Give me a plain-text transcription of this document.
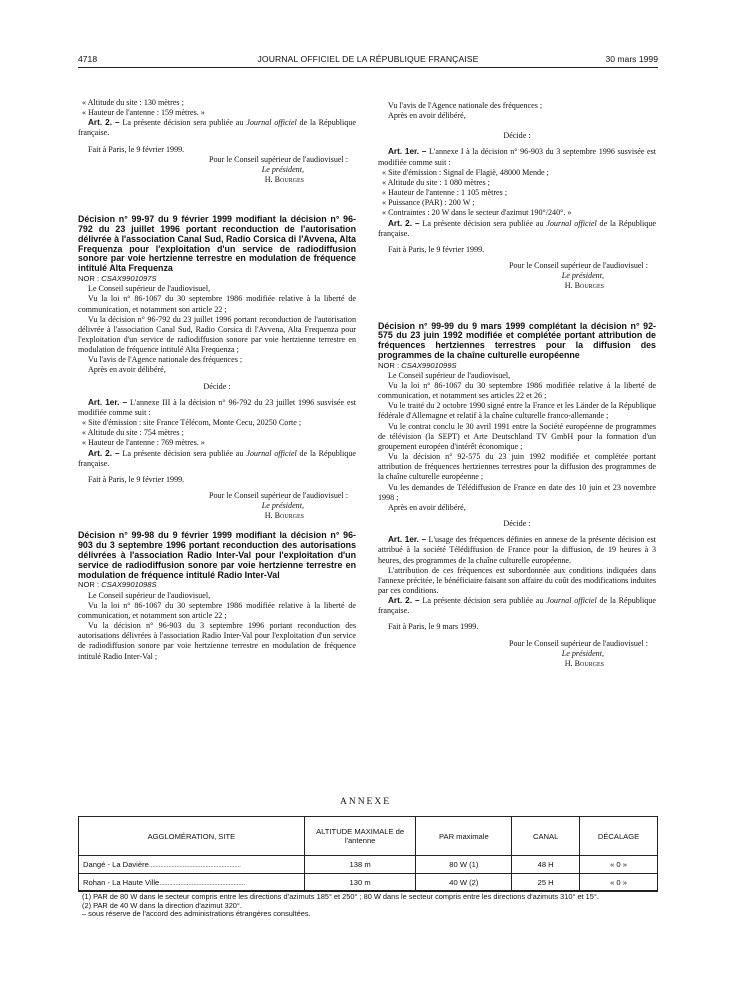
4718	JOURNAL OFFICIEL DE LA RÉPUBLIQUE FRANÇAISE	30 mars 1999

« Altitude du site : 130 mètres ;

« Hauteur de l'antenne : 159 mètres. »

Art. 2. – La présente décision sera publiée au Journal officiel de la République française.

Fait à Paris, le 9 février 1999.

Pour le Conseil supérieur de l'audiovisuel :

Le président,

H. Bourges

Décision n° 99-97 du 9 février 1999 modifiant la décision n° 96-792 du 23 juillet 1996 portant reconduction de l'autorisation délivrée à l'association Canal Sud, Radio Corsica di l'Avvena, Alta Frequenza pour l'exploitation d'un service de radiodiffusion sonore par voie hertzienne terrestre en modulation de fréquence intitulé Alta Frequenza

NOR : CSAX9901097S

Le Conseil supérieur de l'audiovisuel,

Vu la loi n° 86-1067 du 30 septembre 1986 modifiée relative à la liberté de communication, et notamment son article 22 ;

Vu la décision n° 96-792 du 23 juillet 1996 portant reconduction de l'autorisation délivrée à l'association Canal Sud, Radio Corsica di l'Avvena, Alta Frequenza pour l'exploitation d'un service de radiodiffusion sonore par voie hertzienne terrestre en modulation de fréquence intitulé Alta Frequenza ;

Vu l'avis de l'Agence nationale des fréquences ;

Après en avoir délibéré,

Décide :

Art. 1er. – L'annexe III à la décision n° 96-792 du 23 juillet 1996 susvisée est modifiée comme suit :

« Site d'émission : site France Télécom, Monte Cecu, 20250 Corte ;

« Altitude du site : 754 mètres ;

« Hauteur de l'antenne : 769 mètres. »

Art. 2. – La présente décision sera publiée au Journal officiel de la République française.

Fait à Paris, le 9 février 1999.

Pour le Conseil supérieur de l'audiovisuel :

Le président,

H. Bourges

Décision n° 99-98 du 9 février 1999 modifiant la décision n° 96-903 du 3 septembre 1996 portant reconduction des autorisations délivrées à l'association Radio Inter-Val pour l'exploitation d'un service de radiodiffusion sonore par voie hertzienne terrestre en modulation de fréquence intitulé Radio Inter-Val

NOR : CSAX9901098S

Le Conseil supérieur de l'audiovisuel,

Vu la loi n° 86-1067 du 30 septembre 1986 modifiée relative à la liberté de communication, et notamment son article 22 ;

Vu la décision n° 96-903 du 3 septembre 1996 portant reconduction des autorisations délivrées à l'association Radio Inter-Val pour l'exploitation d'un service de radiodiffusion sonore par voie hertzienne terrestre en modulation de fréquence intitulé Radio Inter-Val ;

Vu l'avis de l'Agence nationale des fréquences ;

Après en avoir délibéré,

Décide :

Art. 1er. – L'annexe I à la décision n° 96-903 du 3 septembre 1996 susvisée est modifiée comme suit :

« Site d'émission : Signal de Flagiè, 48000 Mende ;

« Altitude du site : 1 080 mètres ;

« Hauteur de l'antenne : 1 105 mètres ;

« Puissance (PAR) : 200 W ;

« Contraintes : 20 W dans le secteur d'azimut 190°/240°. »

Art. 2. – La présente décision sera publiée au Journal officiel de la République française.

Fait à Paris, le 9 février 1999.

Pour le Conseil supérieur de l'audiovisuel :

Le président,

H. Bourges

Décision n° 99-99 du 9 mars 1999 complétant la décision n° 92-575 du 23 juin 1992 modifiée et complétée portant attribution de fréquences hertziennes terrestres pour la diffusion des programmes de la chaîne culturelle européenne

NOR : CSAX9901099S

Le Conseil supérieur de l'audiovisuel,

Vu la loi n° 86-1067 du 30 septembre 1986 modifiée relative à la liberté de communication, et notamment ses articles 22 et 26 ;

Vu le traité du 2 octobre 1990 signé entre la France et les Länder de la République fédérale d'Allemagne et relatif à la chaîne culturelle franco-allemande ;

Vu le contrat conclu le 30 avril 1991 entre la Société européenne de programmes de télévision (la SEPT) et Arte Deutschland TV GmbH pour la formation d'un groupement européen d'intérêt économique ;

Vu la décision n° 92-575 du 23 juin 1992 modifiée et complétée portant attribution de fréquences hertziennes terrestres pour la diffusion des programmes de la chaîne culturelle européenne ;

Vu les demandes de Télédiffusion de France en date des 10 juin et 23 novembre 1998 ;

Après en avoir délibéré,

Décide :

Art. 1er. – L'usage des fréquences définies en annexe de la présente décision est attribué à la société Télédiffusion de France pour la diffusion, de 19 heures à 3 heures, des programmes de la chaîne culturelle européenne.

L'attribution de ces fréquences est subordonnée aux conditions indiquées dans l'annexe précitée, le bénéficiaire faisant son affaire du coût des modifications induites par ces conditions.

Art. 2. – La présente décision sera publiée au Journal officiel de la République française.

Fait à Paris, le 9 mars 1999.

Pour le Conseil supérieur de l'audiovisuel :

Le président,

H. Bourges

ANNEXE
AGGLOMÉRATION, SITE	ALTITUDE MAXIMALE de l'antenne	PAR maximale	CANAL	DÉCALAGE
Dangé - La Davière.........................................................	138 m	80 W (1)	48 H	« 0 »
Rohan - La Haute Ville.....................................................	130 m	40 W (2)	25 H	« 0 »

(1) PAR de 80 W dans le secteur compris entre les directions d'azimuts 185° et 250° ; 80 W dans le secteur compris entre les directions d'azimuts 310° et 15°.

(2) PAR de 40 W dans la direction d'azimut 320°.

– sous réserve de l'accord des administrations étrangères consultées.
